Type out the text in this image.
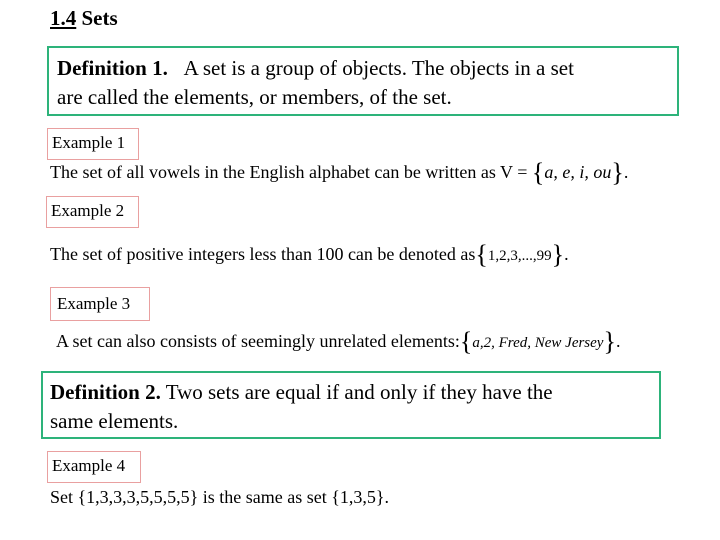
1.4 Sets
Definition 1. A set is a group of objects. The objects in a set
are called the elements, or members, of the set.
Example 1
The set of all vowels in the English alphabet can be written as V = {a, e, i, ou}.
Example 2
The set of positive integers less than 100 can be denoted as{1,2,3,...,99}.
Example 3
A set can also consists of seemingly unrelated elements:{a,2, Fred, New Jersey}.
Definition 2. Two sets are equal if and only if they have the
same elements.
Example 4
Set {1,3,3,3,5,5,5,5} is the same as set {1,3,5}.
